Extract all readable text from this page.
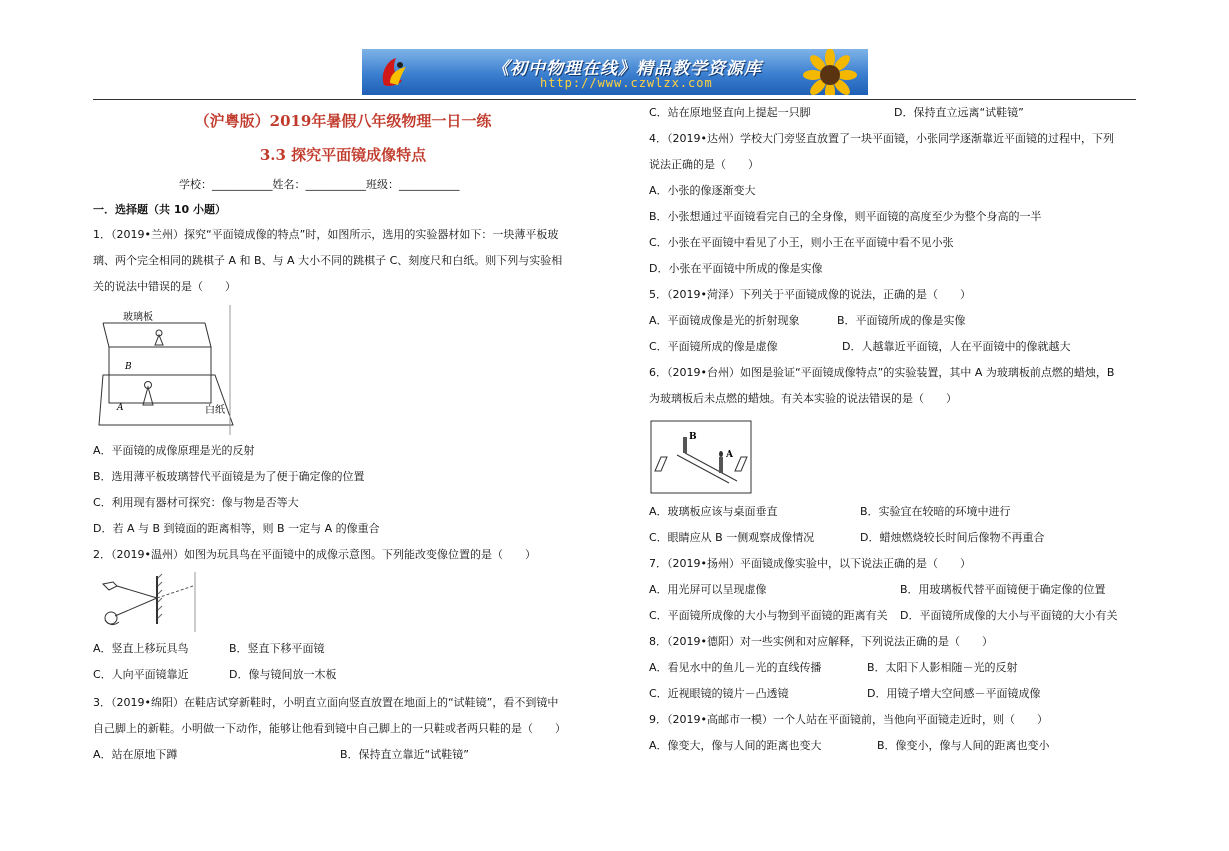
《初中物理在线》精品教学资源库
http://www.czwlzx.com
（沪粤版）2019年暑假八年级物理一日一练
3.3 探究平面镜成像特点
学校：___________姓名：___________班级：___________
一．选择题（共 10 小题）
1．（2019•兰州）探究“平面镜成像的特点”时，如图所示，选用的实验器材如下：一块薄平板玻
璃、两个完全相同的跳棋子 A 和 B、与 A 大小不同的跳棋子 C、刻度尺和白纸。则下列与实验相
关的说法中错误的是（　　）
玻璃板
白纸
A
B
A．平面镜的成像原理是光的反射
B．选用薄平板玻璃替代平面镜是为了便于确定像的位置
C．利用现有器材可探究：像与物是否等大
D．若 A 与 B 到镜面的距离相等，则 B 一定与 A 的像重合
2．（2019•温州）如图为玩具鸟在平面镜中的成像示意图。下列能改变像位置的是（　　）
A．竖直上移玩具鸟	B．竖直下移平面镜
C．人向平面镜靠近	D．像与镜间放一木板
3．（2019•绵阳）在鞋店试穿新鞋时，小明直立面向竖直放置在地面上的“试鞋镜”，看不到镜中
自己脚上的新鞋。小明做一下动作，能够让他看到镜中自己脚上的一只鞋或者两只鞋的是（　　）
A．站在原地下蹲	B．保持直立靠近“试鞋镜”
C．站在原地竖直向上提起一只脚	D．保持直立远离“试鞋镜”
4．（2019•达州）学校大门旁竖直放置了一块平面镜，小张同学逐渐靠近平面镜的过程中，下列
说法正确的是（　　）
A．小张的像逐渐变大
B．小张想通过平面镜看完自己的全身像，则平面镜的高度至少为整个身高的一半
C．小张在平面镜中看见了小王，则小王在平面镜中看不见小张
D．小张在平面镜中所成的像是实像
5．（2019•菏泽）下列关于平面镜成像的说法，正确的是（　　）
A．平面镜成像是光的折射现象	B．平面镜所成的像是实像
C．平面镜所成的像是虚像	D．人越靠近平面镜，人在平面镜中的像就越大
6．（2019•台州）如图是验证“平面镜成像特点”的实验装置，其中 A 为玻璃板前点燃的蜡烛，B
为玻璃板后未点燃的蜡烛。有关本实验的说法错误的是（　　）
B
A
A．玻璃板应该与桌面垂直	B．实验宜在较暗的环境中进行
C．眼睛应从 B 一侧观察成像情况	D．蜡烛燃烧较长时间后像物不再重合
7．（2019•扬州）平面镜成像实验中，以下说法正确的是（　　）
A．用光屏可以呈现虚像	B．用玻璃板代替平面镜便于确定像的位置
C．平面镜所成像的大小与物到平面镜的距离有关 D．平面镜所成像的大小与平面镜的大小有关
8．（2019•德阳）对一些实例和对应解释，下列说法正确的是（　　）
A．看见水中的鱼儿－光的直线传播	B．太阳下人影相随－光的反射
C．近视眼镜的镜片－凸透镜	D．用镜子增大空间感－平面镜成像
9．（2019•高邮市一模）一个人站在平面镜前，当他向平面镜走近时，则（　　）
A．像变大，像与人间的距离也变大	B．像变小，像与人间的距离也变小
